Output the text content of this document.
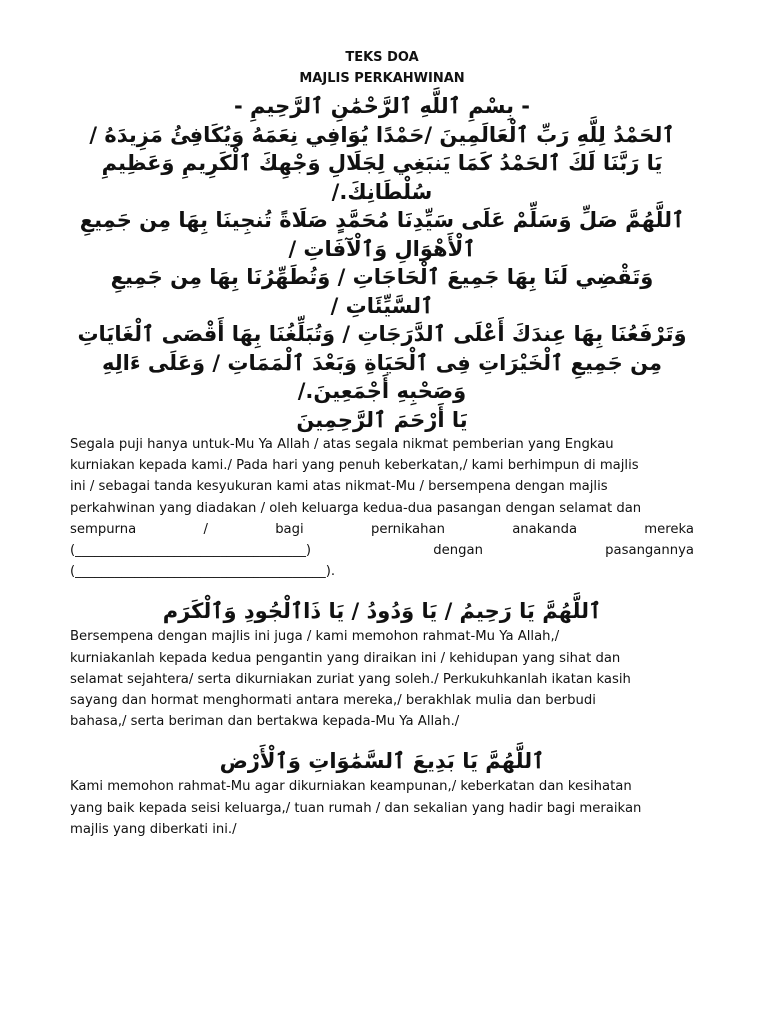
TEKS DOA
MAJLIS PERKAHWINAN

- بِسْمِ ٱللَّهِ ٱلرَّحْمَٰنِ ٱلرَّحِيمِ -

ٱلحَمْدُ لِلَّهِ رَبِّ ٱلْعَالَمِينَ /حَمْدًا يُوَافِي نِعَمَهُ وَيُكَافِئُ مَزِيدَهُ /

يَا رَبَّنَا لَكَ ٱلحَمْدُ كَمَا يَنبَغِي لِجَلَالِ وَجْهِكَ ٱلْكَرِيمِ وَعَظِيمِ سُلْطَانِكَ./

ٱللَّهُمَّ صَلِّ وَسَلِّمْ عَلَى سَيِّدِنَا مُحَمَّدٍ صَلَاةً تُنجِينَا بِهَا مِن جَمِيعِ ٱلْأَهْوَالِ وَٱلْآفَاتِ /

وَتَقْضِي لَنَا بِهَا جَمِيعَ ٱلْحَاجَاتِ / وَتُطَهِّرُنَا بِهَا مِن جَمِيعِ ٱلسَّيِّئَاتِ /

وَتَرْفَعُنَا بِهَا عِندَكَ أَعْلَى ٱلدَّرَجَاتِ / وَتُبَلِّغُنَا بِهَا أَقْصَى ٱلْغَايَاتِ

مِن جَمِيعِ ٱلْخَيْرَاتِ فِى ٱلْحَيَاةِ وَبَعْدَ ٱلْمَمَاتِ / وَعَلَى ءَالِهِ وَصَحْبِهِ أَجْمَعِينَ./

يَا أَرْحَمَ ٱلرَّحِمِينَ

Segala puji hanya untuk-Mu Ya Allah / atas segala nikmat pemberian yang Engkau
kurniakan kepada kami./ Pada hari yang penuh keberkatan,/ kami berhimpun di majlis
ini / sebagai tanda kesyukuran kami atas nikmat-Mu / bersempena dengan majlis
perkahwinan yang diadakan / oleh keluarga kedua-dua pasangan dengan selamat dan
sempurna	/	bagi	pernikahan	anakanda	mereka
(___________________________________)	dengan	pasangannya
(______________________________________).
ٱللَّهُمَّ يَا رَحِيمُ / يَا وَدُودُ / يَا ذَاٱلْجُودِ وَٱلْكَرَم
Bersempena dengan majlis ini juga / kami memohon rahmat-Mu Ya Allah,/
kurniakanlah kepada kedua pengantin yang diraikan ini / kehidupan yang sihat dan
selamat sejahtera/ serta dikurniakan zuriat yang soleh./ Perkukuhkanlah ikatan kasih
sayang dan hormat menghormati antara mereka,/ berakhlak mulia dan berbudi
bahasa,/ serta beriman dan bertakwa kepada-Mu Ya Allah./
ٱللَّهُمَّ يَا بَدِيعَ ٱلسَّمَٰوَاتِ وَٱلْأَرْض
Kami memohon rahmat-Mu agar dikurniakan keampunan,/ keberkatan dan kesihatan
yang baik kepada seisi keluarga,/ tuan rumah / dan sekalian yang hadir bagi meraikan
majlis yang diberkati ini./
